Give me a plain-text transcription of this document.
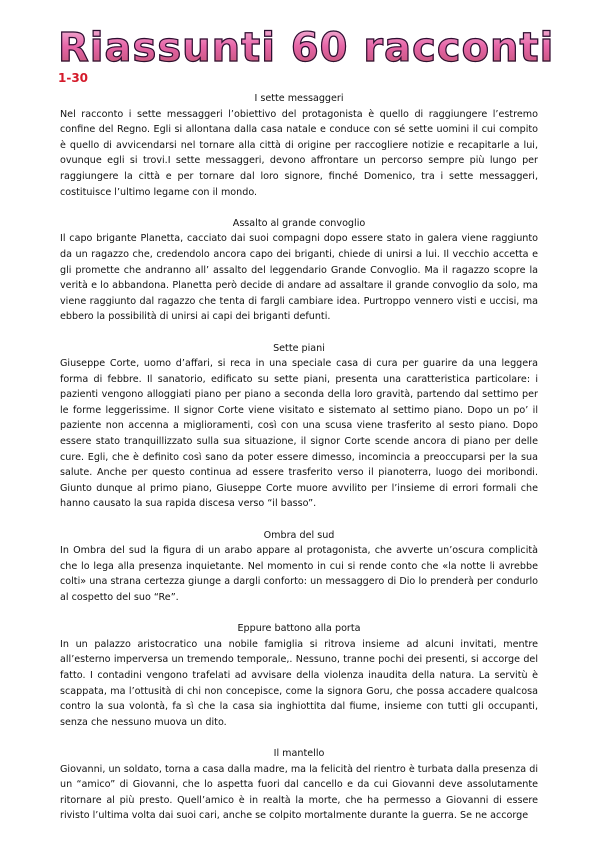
Riassunti 60 racconti
1-30

I sette messaggeri

Nel racconto i sette messaggeri l’obiettivo del protagonista è quello di raggiungere l’estremo confine del Regno. Egli si allontana dalla casa natale e conduce con sé sette uomini il cui compito è quello di avvicendarsi nel tornare alla città di origine per raccogliere notizie e recapitarle a lui, ovunque egli si trovi.I sette messaggeri, devono affrontare un percorso sempre più lungo per raggiungere la città e per tornare dal loro signore, finché Domenico, tra i sette messaggeri, costituisce l’ultimo legame con il mondo.

Assalto al grande convoglio

Il capo brigante Planetta, cacciato dai suoi compagni dopo essere stato in galera viene raggiunto da un ragazzo che, credendolo ancora capo dei briganti, chiede di unirsi a lui. Il vecchio accetta e gli promette che andranno all’ assalto del leggendario Grande Convoglio. Ma il ragazzo scopre la verità e lo abbandona. Planetta però decide di andare ad assaltare il grande convoglio da solo, ma viene raggiunto dal ragazzo che tenta di fargli cambiare idea. Purtroppo vennero visti e uccisi, ma ebbero la possibilità di unirsi ai capi dei briganti defunti.

Sette piani

Giuseppe Corte, uomo d’affari, si reca in una speciale casa di cura per guarire da una leggera forma di febbre. Il sanatorio, edificato su sette piani, presenta una caratteristica particolare: i pazienti vengono alloggiati piano per piano a seconda della loro gravità, partendo dal settimo per le forme leggerissime. Il signor Corte viene visitato e sistemato al settimo piano. Dopo un po’ il paziente non accenna a miglioramenti, così con una scusa viene trasferito al sesto piano. Dopo essere stato tranquillizzato sulla sua situazione, il signor Corte scende ancora di piano per delle cure. Egli, che è definito così sano da poter essere dimesso, incomincia a preoccuparsi per la sua salute. Anche per questo continua ad essere trasferito verso il pianoterra, luogo dei moribondi. Giunto dunque al primo piano, Giuseppe Corte muore avvilito per l’insieme di errori formali che hanno causato la sua rapida discesa verso “il basso”.

Ombra del sud

In Ombra del sud la figura di un arabo appare al protagonista, che avverte un’oscura complicità che lo lega alla presenza inquietante. Nel momento in cui si rende conto che «la notte li avrebbe colti» una strana certezza giunge a dargli conforto: un messaggero di Dio lo prenderà per condurlo al cospetto del suo “Re”.

Eppure battono alla porta

In un palazzo aristocratico una nobile famiglia si ritrova insieme ad alcuni invitati, mentre all’esterno imperversa un tremendo temporale,. Nessuno, tranne pochi dei presenti, si accorge del fatto. I contadini vengono trafelati ad avvisare della violenza inaudita della natura. La servitù è scappata, ma l’ottusità di chi non concepisce, come la signora Goru, che possa accadere qualcosa contro la sua volontà, fa sì che la casa sia inghiottita dal fiume, insieme con tutti gli occupanti, senza che nessuno muova un dito.

Il mantello

Giovanni, un soldato, torna a casa dalla madre, ma la felicità del rientro è turbata dalla presenza di un “amico” di Giovanni, che lo aspetta fuori dal cancello e da cui Giovanni deve assolutamente ritornare al più presto. Quell’amico è in realtà la morte, che ha permesso a Giovanni di essere rivisto l’ultima volta dai suoi cari, anche se colpito mortalmente durante la guerra. Se ne accorge
